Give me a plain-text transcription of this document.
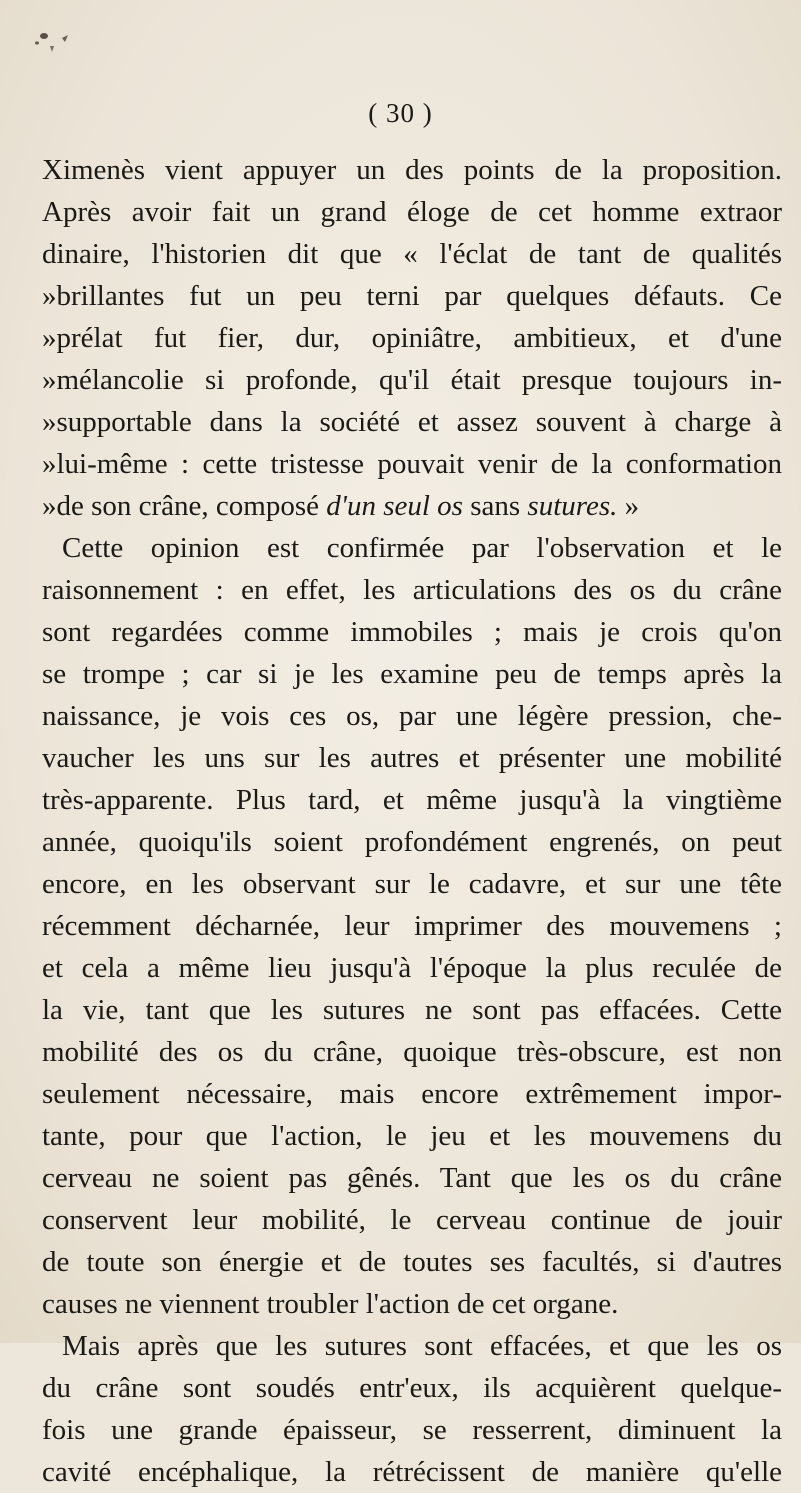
( 30 )
Ximenès vient appuyer un des points de la proposition.
Après avoir fait un grand éloge de cet homme extraor
dinaire, l'historien dit que « l'éclat de tant de qualités
»brillantes fut un peu terni par quelques défauts. Ce
»prélat fut fier, dur, opiniâtre, ambitieux, et d'une
»mélancolie si profonde, qu'il était presque toujours in-
»supportable dans la société et assez souvent à charge à
»lui-même : cette tristesse pouvait venir de la conformation
»de son crâne, composé d'un seul os sans sutures. »
Cette opinion est confirmée par l'observation et le
raisonnement : en effet, les articulations des os du crâne
sont regardées comme immobiles ; mais je crois qu'on
se trompe ; car si je les examine peu de temps après la
naissance, je vois ces os, par une légère pression, che-
vaucher les uns sur les autres et présenter une mobilité
très-apparente. Plus tard, et même jusqu'à la vingtième
année, quoiqu'ils soient profondément engrenés, on peut
encore, en les observant sur le cadavre, et sur une tête
récemment décharnée, leur imprimer des mouvemens ;
et cela a même lieu jusqu'à l'époque la plus reculée de
la vie, tant que les sutures ne sont pas effacées. Cette
mobilité des os du crâne, quoique très-obscure, est non
seulement nécessaire, mais encore extrêmement impor-
tante, pour que l'action, le jeu et les mouvemens du
cerveau ne soient pas gênés. Tant que les os du crâne
conservent leur mobilité, le cerveau continue de jouir
de toute son énergie et de toutes ses facultés, si d'autres
causes ne viennent troubler l'action de cet organe.
Mais après que les sutures sont effacées, et que les os
du crâne sont soudés entr'eux, ils acquièrent quelque-
fois une grande épaisseur, se resserrent, diminuent la
cavité encéphalique, la rétrécissent de manière qu'elle
